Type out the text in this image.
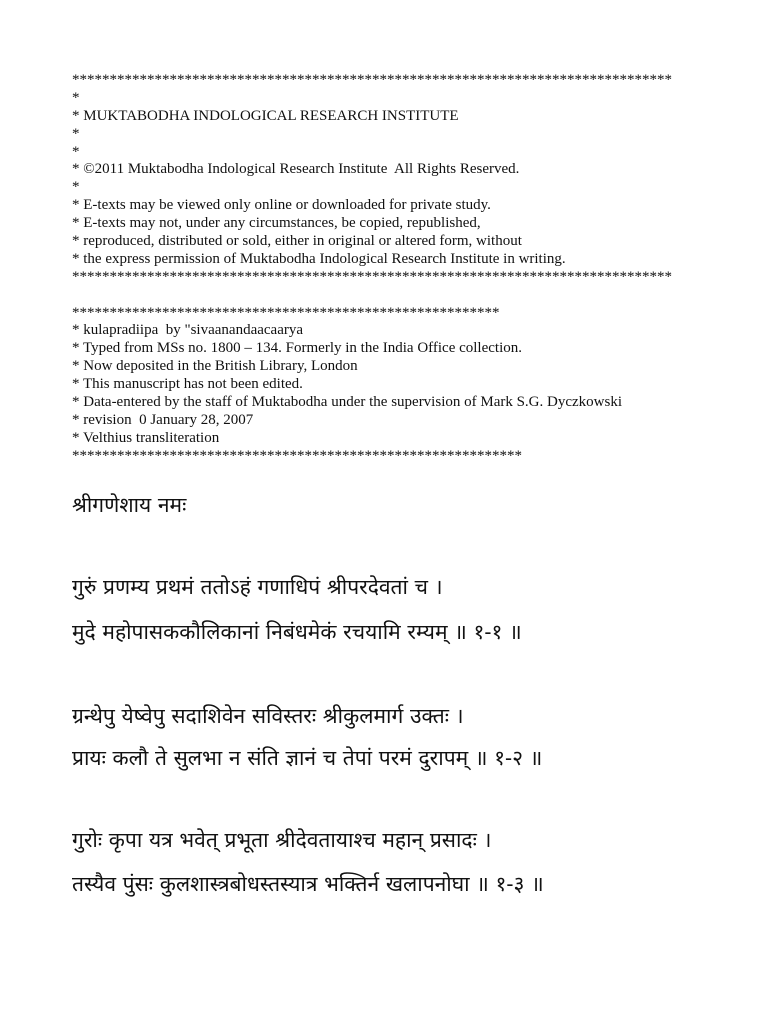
********************************************************************************
*
* MUKTABODHA INDOLOGICAL RESEARCH INSTITUTE
*
*
* ©2011 Muktabodha Indological Research Institute  All Rights Reserved.
*
* E-texts may be viewed only online or downloaded for private study.
* E-texts may not, under any circumstances, be copied, republished,
* reproduced, distributed or sold, either in original or altered form, without
* the express permission of Muktabodha Indological Research Institute in writing.
********************************************************************************
*********************************************************
* kulapradiipa  by "sivaanandaacaarya
* Typed from MSs no. 1800 – 134. Formerly in the India Office collection.
* Now deposited in the British Library, London
* This manuscript has not been edited.
* Data-entered by the staff of Muktabodha under the supervision of Mark S.G. Dyczkowski
* revision  0 January 28, 2007
* Velthius transliteration
************************************************************
श्रीगणेशाय नमः
गुरुं प्रणम्य प्रथमं ततोऽहं गणाधिपं श्रीपरदेवतां च ।
मुदे महोपासककौलिकानां निबंधमेकं रचयामि रम्यम् ॥ १-१ ॥
ग्रन्थेपु येष्वेपु सदाशिवेन सविस्तरः श्रीकुलमार्ग उक्तः ।
प्रायः कलौ ते सुलभा न संति ज्ञानं च तेपां परमं दुरापम् ॥ १-२ ॥
गुरोः कृपा यत्र भवेत् प्रभूता श्रीदेवतायाश्च महान् प्रसादः ।
तस्यैव पुंसः कुलशास्त्रबोधस्तस्यात्र भक्तिर्न खलापनोघा ॥ १-३ ॥
